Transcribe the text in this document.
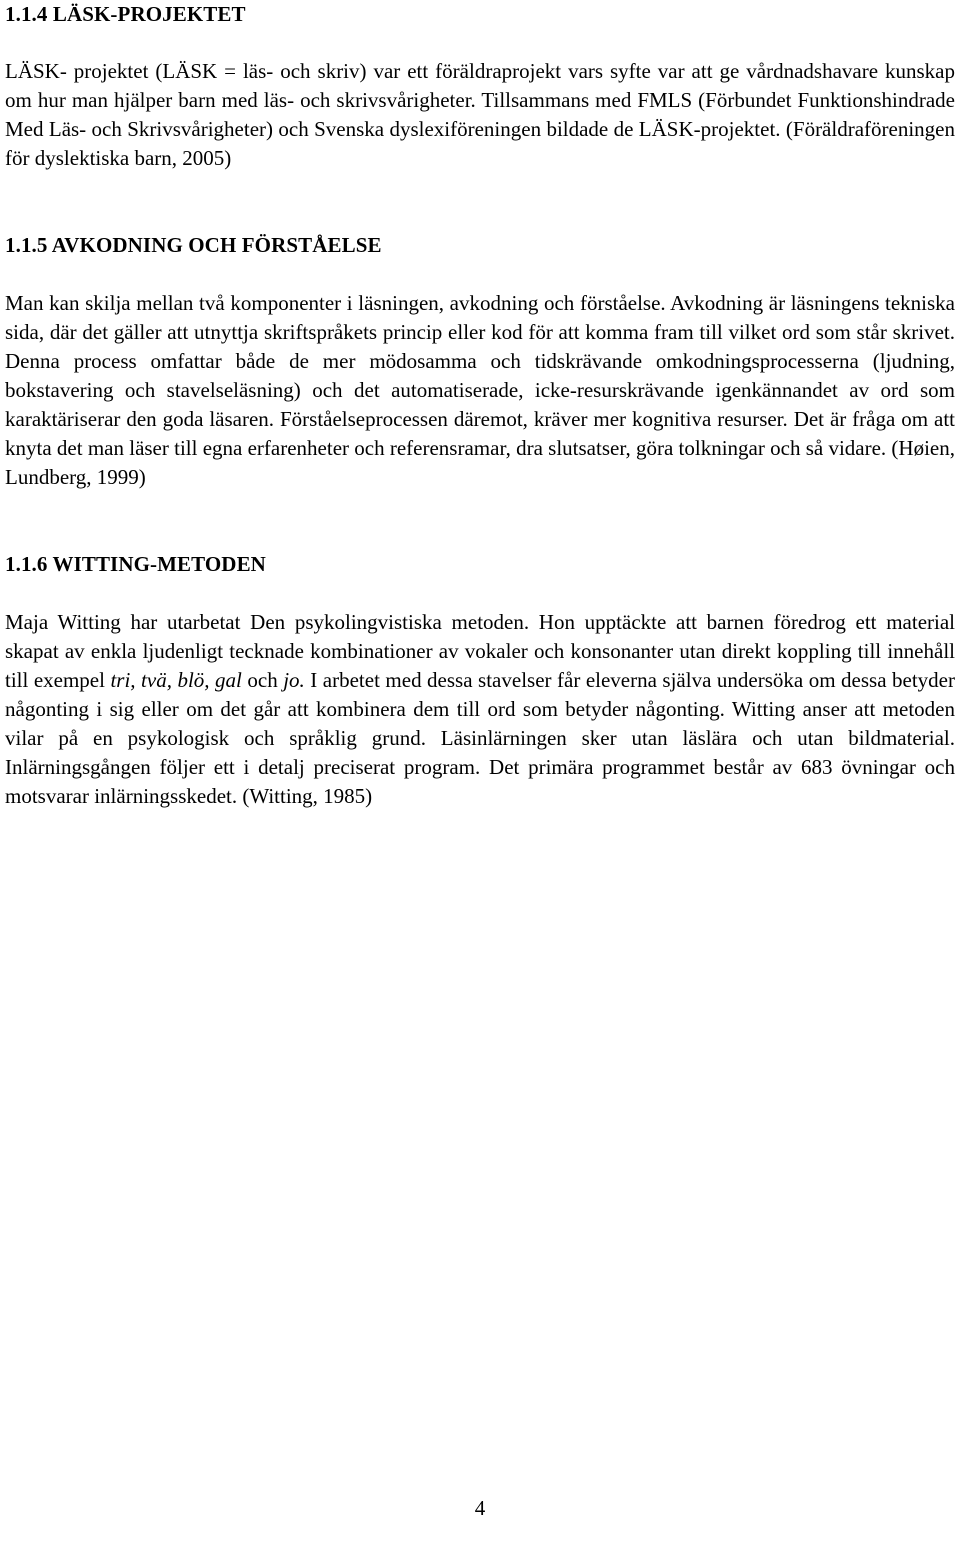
1.1.4 LÄSK-PROJEKTET

LÄSK- projektet (LÄSK = läs- och skriv) var ett föräldraprojekt vars syfte var att ge vårdnadshavare kunskap om hur man hjälper barn med läs- och skrivsvårigheter. Tillsammans med FMLS (Förbundet Funktionshindrade Med Läs- och Skrivsvårigheter) och Svenska dyslexiföreningen bildade de LÄSK-projektet. (Föräldraföreningen för dyslektiska barn, 2005)

1.1.5 AVKODNING OCH FÖRSTÅELSE

Man kan skilja mellan två komponenter i läsningen, avkodning och förståelse. Avkodning är läsningens tekniska sida, där det gäller att utnyttja skriftspråkets princip eller kod för att komma fram till vilket ord som står skrivet. Denna process omfattar både de mer mödosamma och tidskrävande omkodningsprocesserna (ljudning, bokstavering och stavelseläsning) och det automatiserade, icke-resurskrävande igenkännandet av ord som karaktäriserar den goda läsaren. Förståelseprocessen däremot, kräver mer kognitiva resurser. Det är fråga om att knyta det man läser till egna erfarenheter och referensramar, dra slutsatser, göra tolkningar och så vidare. (Høien, Lundberg, 1999)

1.1.6 WITTING-METODEN

Maja Witting har utarbetat Den psykolingvistiska metoden. Hon upptäckte att barnen föredrog ett material skapat av enkla ljudenligt tecknade kombinationer av vokaler och konsonanter utan direkt koppling till innehåll till exempel tri, tvä, blö, gal och jo. I arbetet med dessa stavelser får eleverna själva undersöka om dessa betyder någonting i sig eller om det går att kombinera dem till ord som betyder någonting. Witting anser att metoden vilar på en psykologisk och språklig grund. Läsinlärningen sker utan läslära och utan bildmaterial. Inlärningsgången följer ett i detalj preciserat program. Det primära programmet består av 683 övningar och motsvarar inlärningsskedet. (Witting, 1985)

4
